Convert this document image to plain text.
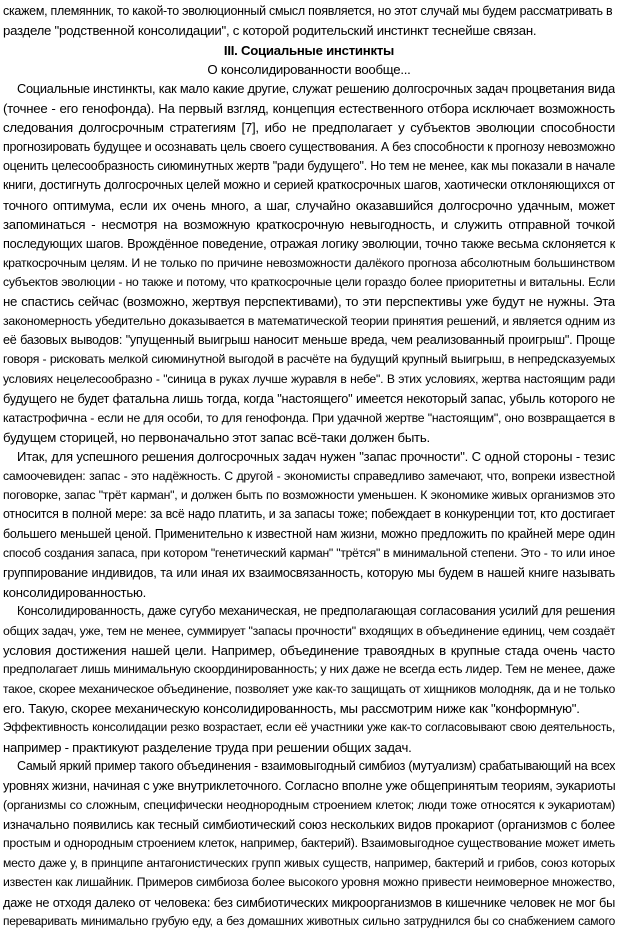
скажем, племянник, то какой-то эволюционный смысл появляется, но этот случай мы будем рассматривать в
разделе "родственной консолидации", с которой родительский инстинкт теснейше связан.
III. Социальные инстинкты
О консолидированности вообще...
Социальные инстинкты, как мало какие другие, служат решению долгосрочных задач процветания вида
(точнее - его генофонда). На первый взгляд, концепция естественного отбора исключает возможность
следования долгосрочным стратегиям [7], ибо не предполагает у субъектов эволюции способности
прогнозировать будущее и осознавать цель своего существования. А без способности к прогнозу невозможно
оценить целесообразность сиюминутных жертв "ради будущего". Но тем не менее, как мы показали в начале
книги, достигнуть долгосрочных целей можно и серией краткосрочных шагов, хаотически отклоняющихся от
точного оптимума, если их очень много, а шаг, случайно оказавшийся долгосрочно удачным, может
запоминаться - несмотря на возможную краткосрочную невыгодность, и служить отправной точкой
последующих шагов. Врождённое поведение, отражая логику эволюции, точно также весьма склоняется к
краткосрочным целям. И не только по причине невозможности далёкого прогноза абсолютным большинством
субъектов эволюции - но также и потому, что краткосрочные цели гораздо более приоритетны и витальны. Если
не спастись сейчас (возможно, жертвуя перспективами), то эти перспективы уже будут не нужны. Эта
закономерность убедительно доказывается в математической теории принятия решений, и является одним из
её базовых выводов: "упущенный выигрыш наносит меньше вреда, чем реализованный проигрыш". Проще
говоря - рисковать мелкой сиюминутной выгодой в расчёте на будущий крупный выигрыш, в непредсказуемых
условиях нецелесообразно - "синица в руках лучше журавля в небе". В этих условиях, жертва настоящим ради
будущего не будет фатальна лишь тогда, когда "настоящего" имеется некоторый запас, убыль которого не
катастрофична - если не для особи, то для генофонда. При удачной жертве "настоящим", оно возвращается в
будущем сторицей, но первоначально этот запас всё-таки должен быть.
Итак, для успешного решения долгосрочных задач нужен "запас прочности". С одной стороны - тезис
самоочевиден: запас - это надёжность. С другой - экономисты справедливо замечают, что, вопреки известной
поговорке, запас "трёт карман", и должен быть по возможности уменьшен. К экономике живых организмов это
относится в полной мере: за всё надо платить, и за запасы тоже; побеждает в конкуренции тот, кто достигает
большего меньшей ценой. Применительно к известной нам жизни, можно предложить по крайней мере один
способ создания запаса, при котором "генетический карман" "трётся" в минимальной степени. Это - то или иное
группирование индивидов, та или иная их взаимосвязанность, которую мы будем в нашей книге называть
консолидированностью.
Консолидированность, даже сугубо механическая, не предполагающая согласования усилий для решения
общих задач, уже, тем не менее, суммирует "запасы прочности" входящих в объединение единиц, чем создаёт
условия достижения нашей цели. Например, объединение травоядных в крупные стада очень часто
предполагает лишь минимальную скоординированность; у них даже не всегда есть лидер. Тем не менее, даже
такое, скорее механическое объединение, позволяет уже как-то защищать от хищников молодняк, да и не только
его. Такую, скорее механическую консолидированность, мы рассмотрим ниже как "конформную".
Эффективность консолидации резко возрастает, если её участники уже как-то согласовывают свою деятельность,
например - практикуют разделение труда при решении общих задач.
Самый яркий пример такого объединения - взаимовыгодный симбиоз (мутуализм) срабатывающий на всех
уровнях жизни, начиная с уже внутриклеточного. Согласно вполне уже общепринятым теориям, эукариоты
(организмы со сложным, специфически неоднородным строением клеток; люди тоже относятся к эукариотам)
изначально появились как тесный симбиотический союз нескольких видов прокариот (организмов с более
простым и однородным строением клеток, например, бактерий). Взаимовыгодное существование может иметь
место даже у, в принципе антагонистических групп живых существ, например, бактерий и грибов, союз которых
известен как лишайник. Примеров симбиоза более высокого уровня можно привести неимоверное множество,
даже не отходя далеко от человека: без симбиотических микроорганизмов в кишечнике человек не мог бы
переваривать минимально грубую еду, а без домашних животных сильно затруднился бы со снабжением самого
